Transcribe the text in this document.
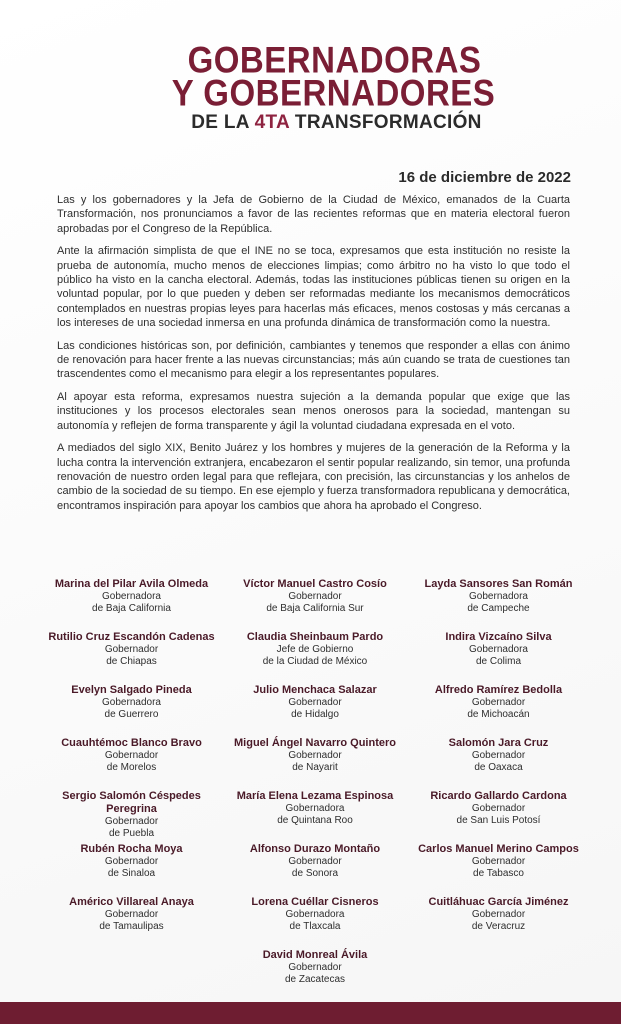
GOBERNADORAS
Y GOBERNADORES
DE LA 4TA TRANSFORMACIÓN
16 de diciembre de 2022

Las y los gobernadores y la Jefa de Gobierno de la Ciudad de México, emanados de la Cuarta Transformación, nos pronunciamos a favor de las recientes reformas que en materia electoral fueron aprobadas por el Congreso de la República.

Ante la afirmación simplista de que el INE no se toca, expresamos que esta institución no resiste la prueba de autonomía, mucho menos de elecciones limpias; como árbitro no ha visto lo que todo el público ha visto en la cancha electoral. Además, todas las instituciones públicas tienen su origen en la voluntad popular, por lo que pueden y deben ser reformadas mediante los mecanismos democráticos contemplados en nuestras propias leyes para hacerlas más eficaces, menos costosas y más cercanas a los intereses de una sociedad inmersa en una profunda dinámica de transformación como la nuestra.

Las condiciones históricas son, por definición, cambiantes y tenemos que responder a ellas con ánimo de renovación para hacer frente a las nuevas circunstancias; más aún cuando se trata de cuestiones tan trascendentes como el mecanismo para elegir a los representantes populares.

Al apoyar esta reforma, expresamos nuestra sujeción a la demanda popular que exige que las instituciones y los procesos electorales sean menos onerosos para la sociedad, mantengan su autonomía y reflejen de forma transparente y ágil la voluntad ciudadana expresada en el voto.

A mediados del siglo XIX, Benito Juárez y los hombres y mujeres de la generación de la Reforma y la lucha contra la intervención extranjera, encabezaron el sentir popular realizando, sin temor, una profunda renovación de nuestro orden legal para que reflejara, con precisión, las circunstancias y los anhelos de cambio de la sociedad de su tiempo. En ese ejemplo y fuerza transformadora republicana y democrática, encontramos inspiración para apoyar los cambios que ahora ha aprobado el Congreso.

Marina del Pilar Avila Olmeda
Gobernadora
de Baja California
Víctor Manuel Castro Cosío
Gobernador
de Baja California Sur
Layda Sansores San Román
Gobernadora
de Campeche
Rutilio Cruz Escandón Cadenas
Gobernador
de Chiapas
Claudia Sheinbaum Pardo
Jefe de Gobierno
de la Ciudad de México
Indira Vizcaíno Silva
Gobernadora
de Colima
Evelyn Salgado Pineda
Gobernadora
de Guerrero
Julio Menchaca Salazar
Gobernador
de Hidalgo
Alfredo Ramírez Bedolla
Gobernador
de Michoacán
Cuauhtémoc Blanco Bravo
Gobernador
de Morelos
Miguel Ángel Navarro Quintero
Gobernador
de Nayarit
Salomón Jara Cruz
Gobernador
de Oaxaca
Sergio Salomón Céspedes Peregrina
Gobernador
de Puebla
María Elena Lezama Espinosa
Gobernadora
de Quintana Roo
Ricardo Gallardo Cardona
Gobernador
de San Luis Potosí
Rubén Rocha Moya
Gobernador
de Sinaloa
Alfonso Durazo Montaño
Gobernador
de Sonora
Carlos Manuel Merino Campos
Gobernador
de Tabasco
Américo Villareal Anaya
Gobernador
de Tamaulipas
Lorena Cuéllar Cisneros
Gobernadora
de Tlaxcala
Cuitláhuac García Jiménez
Gobernador
de Veracruz
David Monreal Ávila
Gobernador
de Zacatecas
